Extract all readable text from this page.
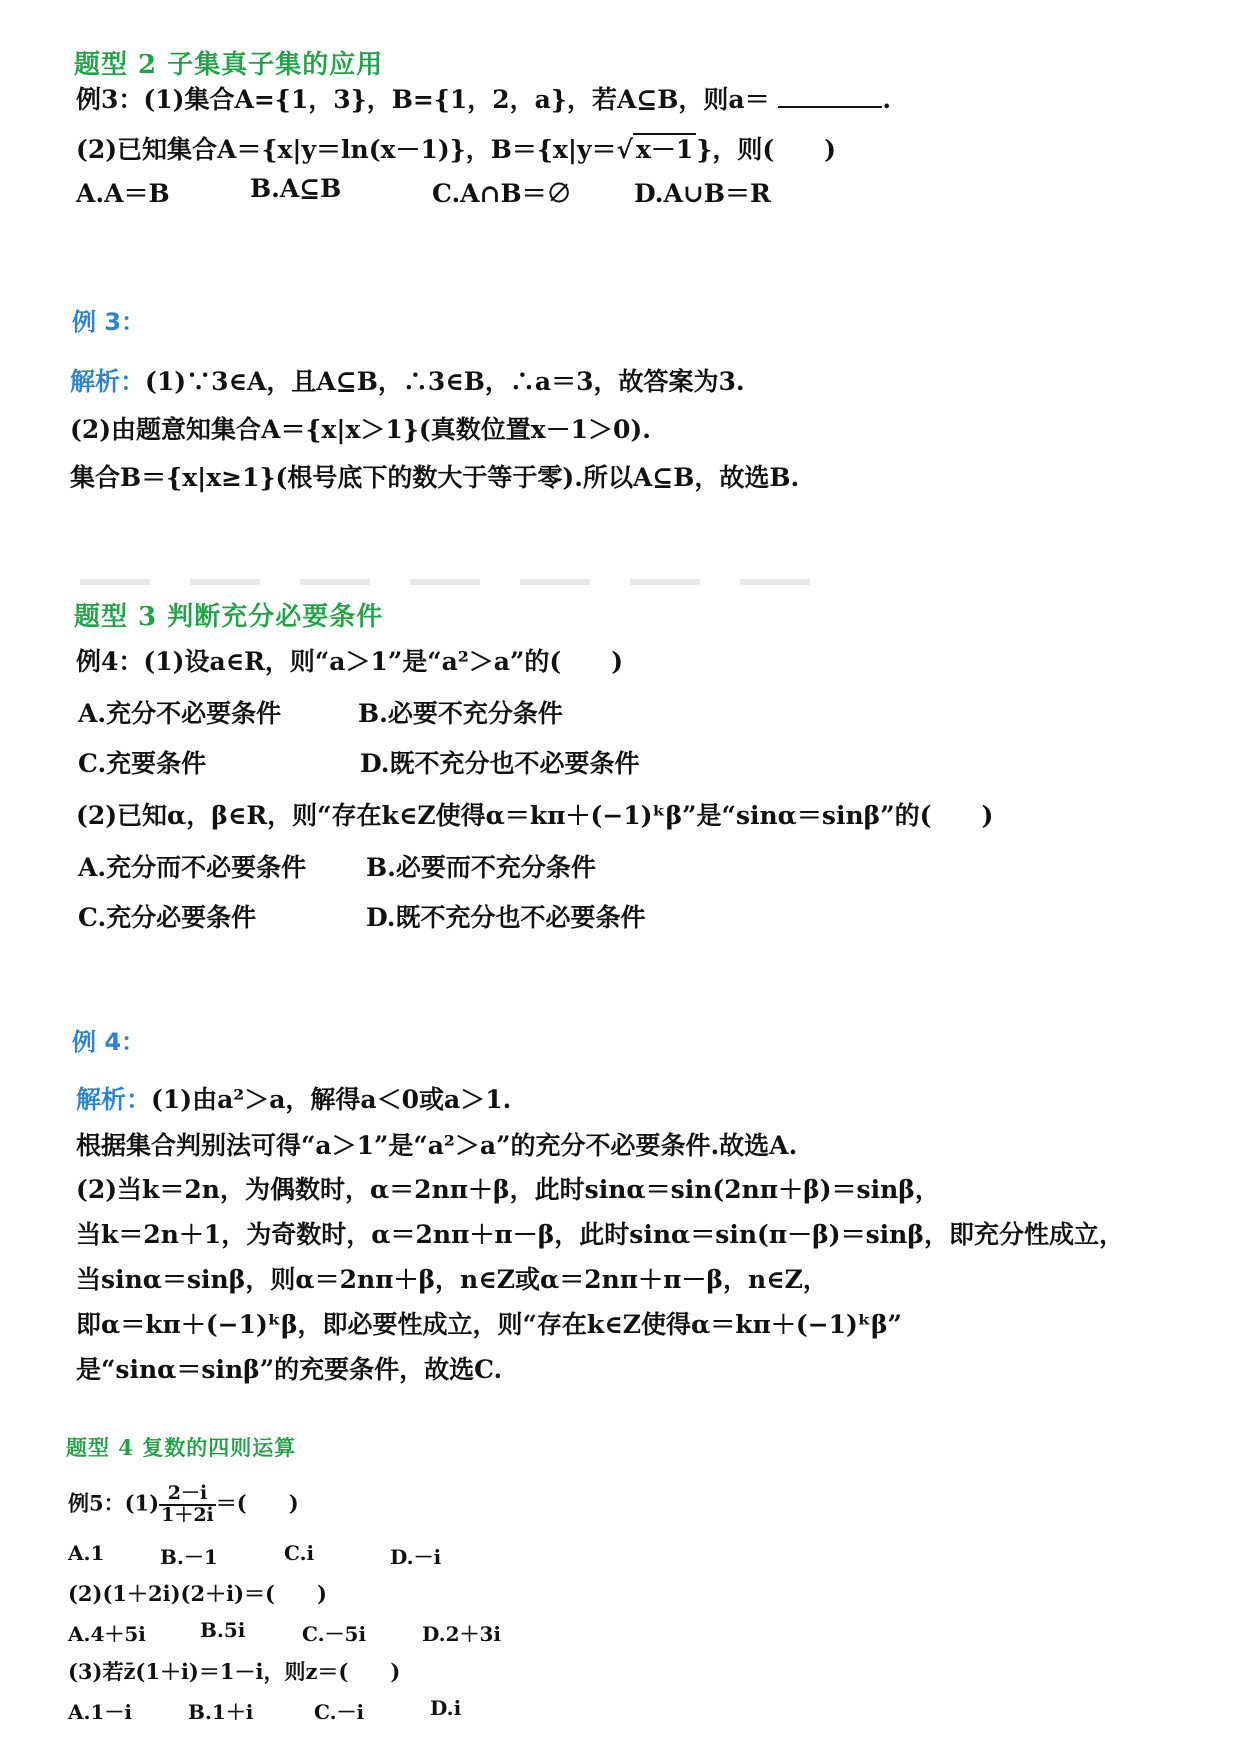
题型 2 子集真子集的应用
例3：(1)集合A={1，3}，B={1，2，a}，若A⊆B，则a＝	.
(2)已知集合A＝{x|y＝ln(x－1)}，B＝{x|y＝√ x－1 }，则(　　)
A.A＝B	B.A⊆B	C.A∩B＝∅ D.A∪B＝R
例 3：
解析：(1)∵3∈A，且A⊆B，∴3∈B，∴a＝3，故答案为3.
(2)由题意知集合A＝{x|x＞1}(真数位置x－1＞0).
集合B＝{x|x≥1}(根号底下的数大于等于零).所以A⊆B，故选B.
题型 3 判断充分必要条件
例4：(1)设a∈R，则“a＞1”是“a²＞a”的(　　)
A.充分不必要条件	B.必要不充分条件
C.充要条件	D.既不充分也不必要条件
(2)已知α，β∈R，则“存在k∈Z使得α＝kπ＋(−1)ᵏβ”是“sinα＝sinβ”的(　　)
A.充分而不必要条件 B.必要而不充分条件
C.充分必要条件	D.既不充分也不必要条件
例 4：
解析：(1)由a²＞a，解得a＜0或a＞1.
根据集合判别法可得“a＞1”是“a²＞a”的充分不必要条件.故选A.
(2)当k＝2n，为偶数时，α＝2nπ＋β，此时sinα＝sin(2nπ＋β)＝sinβ，
当k＝2n＋1，为奇数时，α＝2nπ＋π－β，此时sinα＝sin(π－β)＝sinβ，即充分性成立，
当sinα＝sinβ，则α＝2nπ＋β，n∈Z或α＝2nπ＋π－β，n∈Z，
即α＝kπ＋(−1)ᵏβ，即必要性成立，则“存在k∈Z使得α＝kπ＋(−1)ᵏβ”
是“sinα＝sinβ”的充要条件，故选C.
题型 4 复数的四则运算
例5：$(1) \frac{2-i}{1+2i}$ ＝(　　)
A.1	B.－1	C.i	D.－i
(2)(1＋2i)(2＋i)＝(　　)
A.4＋5i	B.5i	C.－5i	D.2＋3i
(3)若z̄(1＋i)＝1－i，则z＝(　　)
A.1－i	B.1＋i	C.－i	D.i
